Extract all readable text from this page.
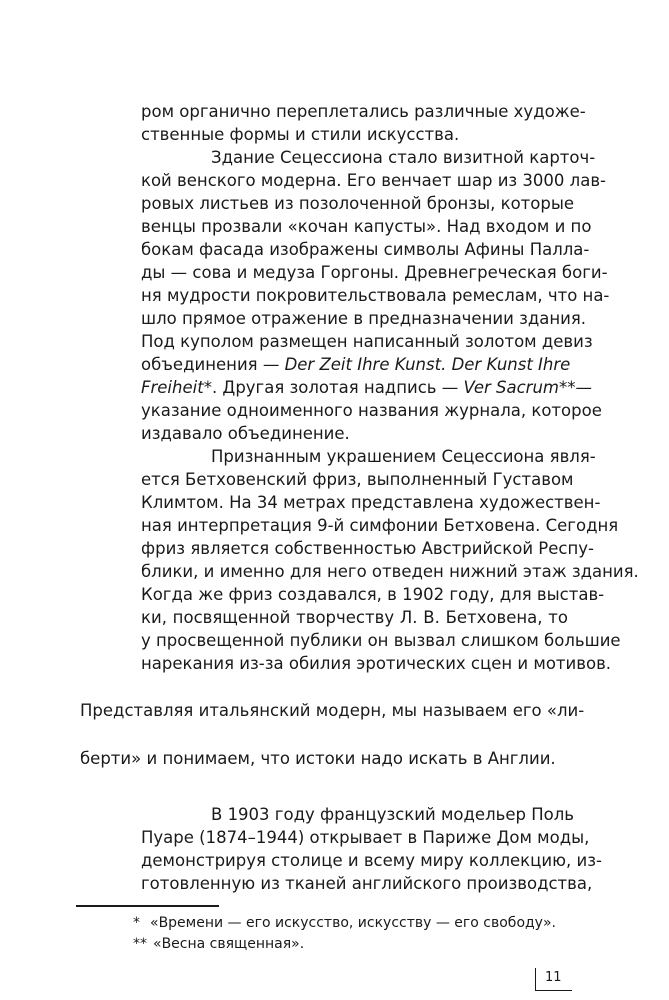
ром органично переплетались различные художе-

ственные формы и стили искусства.

Здание Сецессиона стало визитной карточ-

кой венского модерна. Его венчает шар из 3000 лав-

ровых листьев из позолоченной бронзы, которые

венцы прозвали «кочан капусты». Над входом и по

бокам фасада изображены символы Афины Палла-

ды — сова и медуза Горгоны. Древнегреческая боги-

ня мудрости покровительствовала ремеслам, что на-

шло прямое отражение в предназначении здания.

Под куполом размещен написанный золотом девиз

объединения — Der Zeit Ihre Kunst. Der Kunst Ihre

Freiheit*. Другая золотая надпись — Ver Sacrum**—

указание одноименного названия журнала, которое

издавало объединение.

Признанным украшением Сецессиона явля-

ется Бетховенский фриз, выполненный Густавом

Климтом. На 34 метрах представлена художествен-

ная интерпретация 9-й симфонии Бетховена. Сегодня

фриз является собственностью Австрийской Респу-

блики, и именно для него отведен нижний этаж здания.

Когда же фриз создавался, в 1902 году, для выстав-

ки, посвященной творчеству Л. В. Бетховена, то

у просвещенной публики он вызвал слишком большие

нарекания из-за обилия эротических сцен и мотивов.

Представляя итальянский модерн, мы называем его «ли-

берти» и понимаем, что истоки надо искать в Англии.

В 1903 году французский модельер Поль

Пуаре (1874–1944) открывает в Париже Дом моды,

демонстрируя столице и всему миру коллекцию, из-

готовленную из тканей английского производства,

* «Времени — его искусство, искусству — его свободу».

** «Весна священная».

11
